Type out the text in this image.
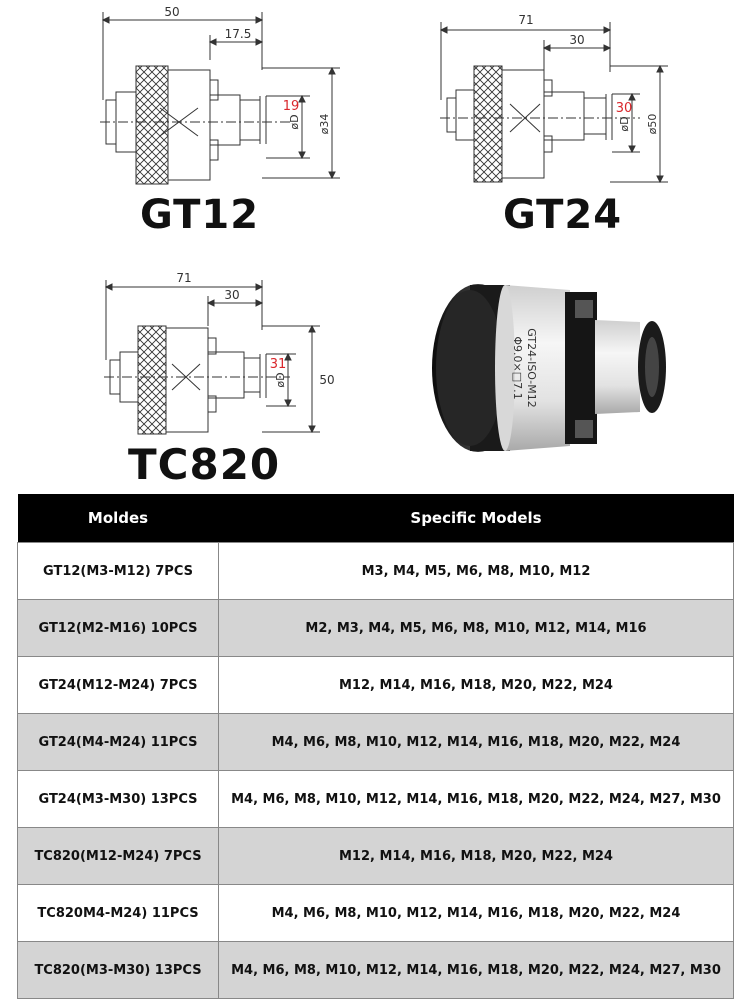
50
17.5
19
øD ø34
71
30
30
øD ø50
71
30
31
øD	50	GT24-ISO-M12
Φ9.0×□7.1
GT12	GT24
TC820
Moldes	Specific Models
GT12(M3-M12) 7PCS	M3, M4, M5, M6, M8, M10, M12
GT12(M2-M16) 10PCS	M2, M3, M4, M5, M6, M8, M10, M12, M14, M16
GT24(M12-M24) 7PCS	M12, M14, M16, M18, M20, M22, M24
GT24(M4-M24) 11PCS	M4, M6, M8, M10, M12, M14, M16, M18, M20, M22, M24
GT24(M3-M30) 13PCS	M4, M6, M8, M10, M12, M14, M16, M18, M20, M22, M24, M27, M30
TC820(M12-M24) 7PCS	M12, M14, M16, M18, M20, M22, M24
TC820M4-M24) 11PCS	M4, M6, M8, M10, M12, M14, M16, M18, M20, M22, M24
TC820(M3-M30) 13PCS	M4, M6, M8, M10, M12, M14, M16, M18, M20, M22, M24, M27, M30
